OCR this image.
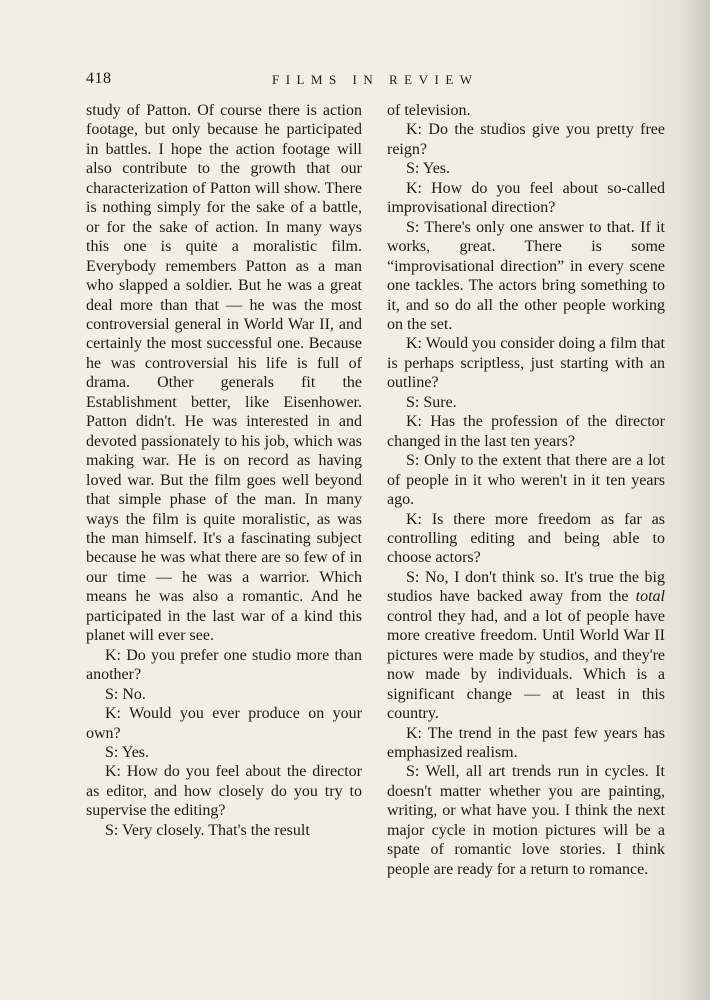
418	FILMS IN REVIEW

study of Patton. Of course there is action footage, but only because he participated in battles. I hope the action footage will also contribute to the growth that our characterization of Patton will show. There is nothing simply for the sake of a battle, or for the sake of action. In many ways this one is quite a moralistic film. Everybody remembers Patton as a man who slapped a soldier. But he was a great deal more than that — he was the most controversial general in World War II, and certainly the most successful one. Because he was controversial his life is full of drama. Other generals fit the Establishment better, like Eisenhower. Patton didn't. He was interested in and devoted passionately to his job, which was making war. He is on record as having loved war. But the film goes well beyond that simple phase of the man. In many ways the film is quite moralistic, as was the man himself. It's a fascinating subject because he was what there are so few of in our time — he was a warrior. Which means he was also a romantic. And he participated in the last war of a kind this planet will ever see.

K: Do you prefer one studio more than another?

S: No.

K: Would you ever produce on your own?

S: Yes.

K: How do you feel about the director as editor, and how closely do you try to supervise the editing?

S: Very closely. That's the result

of television.

K: Do the studios give you pretty free reign?

S: Yes.

K: How do you feel about so-called improvisational direction?

S: There's only one answer to that. If it works, great. There is some “improvisational direction” in every scene one tackles. The actors bring something to it, and so do all the other people working on the set.

K: Would you consider doing a film that is perhaps scriptless, just starting with an outline?

S: Sure.

K: Has the profession of the director changed in the last ten years?

S: Only to the extent that there are a lot of people in it who weren't in it ten years ago.

K: Is there more freedom as far as controlling editing and being able to choose actors?

S: No, I don't think so. It's true the big studios have backed away from the total control they had, and a lot of people have more creative freedom. Until World War II pictures were made by studios, and they're now made by individuals. Which is a significant change — at least in this country.

K: The trend in the past few years has emphasized realism.

S: Well, all art trends run in cycles. It doesn't matter whether you are painting, writing, or what have you. I think the next major cycle in motion pictures will be a spate of romantic love stories. I think people are ready for a return to romance.
